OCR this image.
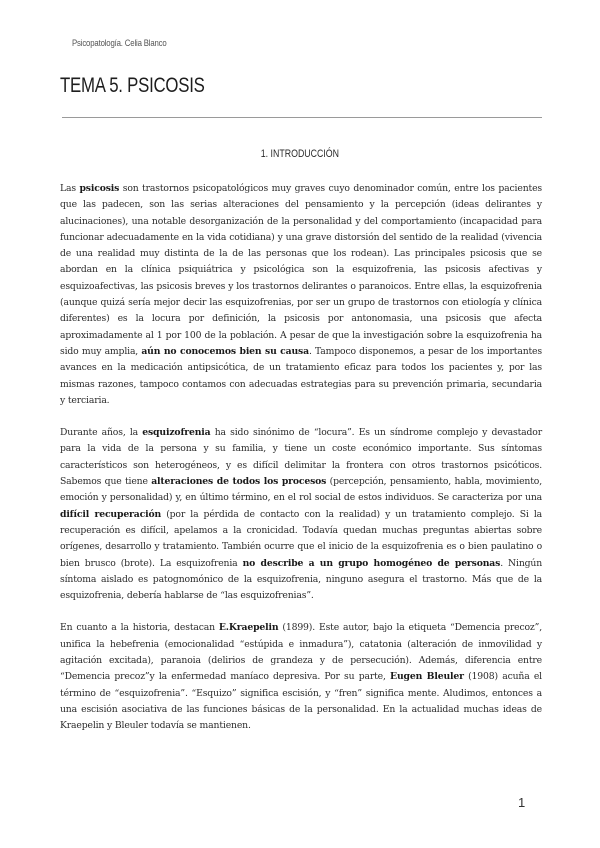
Psicopatología. Celia Blanco
TEMA 5. PSICOSIS
1. INTRODUCCIÓN

Las psicosis son trastornos psicopatológicos muy graves cuyo denominador común, entre los pacientes que las padecen, son las serias alteraciones del pensamiento y la percepción (ideas delirantes y alucinaciones), una notable desorganización de la personalidad y del comportamiento (incapacidad para funcionar adecuadamente en la vida cotidiana) y una grave distorsión del sentido de la realidad (vivencia de una realidad muy distinta de la de las personas que los rodean). Las principales psicosis que se abordan en la clínica psiquiátrica y psicológica son la esquizofrenia, las psicosis afectivas y esquizoafectivas, las psicosis breves y los trastornos delirantes o paranoicos. Entre ellas, la esquizofrenia (aunque quizá sería mejor decir las esquizofrenias, por ser un grupo de trastornos con etiología y clínica diferentes) es la locura por definición, la psicosis por antonomasia, una psicosis que afecta aproximadamente al 1 por 100 de la población. A pesar de que la investigación sobre la esquizofrenia ha sido muy amplia, aún no conocemos bien su causa. Tampoco disponemos, a pesar de los importantes avances en la medicación antipsicótica, de un tratamiento eficaz para todos los pacientes y, por las mismas razones, tampoco contamos con adecuadas estrategias para su prevención primaria, secundaria y terciaria.

Durante años, la esquizofrenia ha sido sinónimo de “locura”. Es un síndrome complejo y devastador para la vida de la persona y su familia, y tiene un coste económico importante. Sus síntomas característicos son heterogéneos, y es difícil delimitar la frontera con otros trastornos psicóticos. Sabemos que tiene alteraciones de todos los procesos (percepción, pensamiento, habla, movimiento, emoción y personalidad) y, en último término, en el rol social de estos individuos. Se caracteriza por una difícil recuperación (por la pérdida de contacto con la realidad) y un tratamiento complejo. Si la recuperación es difícil, apelamos a la cronicidad. Todavía quedan muchas preguntas abiertas sobre orígenes, desarrollo y tratamiento. También ocurre que el inicio de la esquizofrenia es o bien paulatino o bien brusco (brote). La esquizofrenia no describe a un grupo homogéneo de personas. Ningún síntoma aislado es patognomónico de la esquizofrenia, ninguno asegura el trastorno. Más que de la esquizofrenia, debería hablarse de “las esquizofrenias”.

En cuanto a la historia, destacan E.Kraepelin (1899). Este autor, bajo la etiqueta “Demencia precoz”, unifica la hebefrenia (emocionalidad “estúpida e inmadura”), catatonia (alteración de inmovilidad y agitación excitada), paranoia (delirios de grandeza y de persecución). Además, diferencia entre “Demencia precoz”y la enfermedad maníaco depresiva. Por su parte, Eugen Bleuler (1908) acuña el término de “esquizofrenia”. “Esquizo” significa escisión, y “fren” significa mente. Aludimos, entonces a una escisión asociativa de las funciones básicas de la personalidad. En la actualidad muchas ideas de Kraepelin y Bleuler todavía se mantienen.

1
